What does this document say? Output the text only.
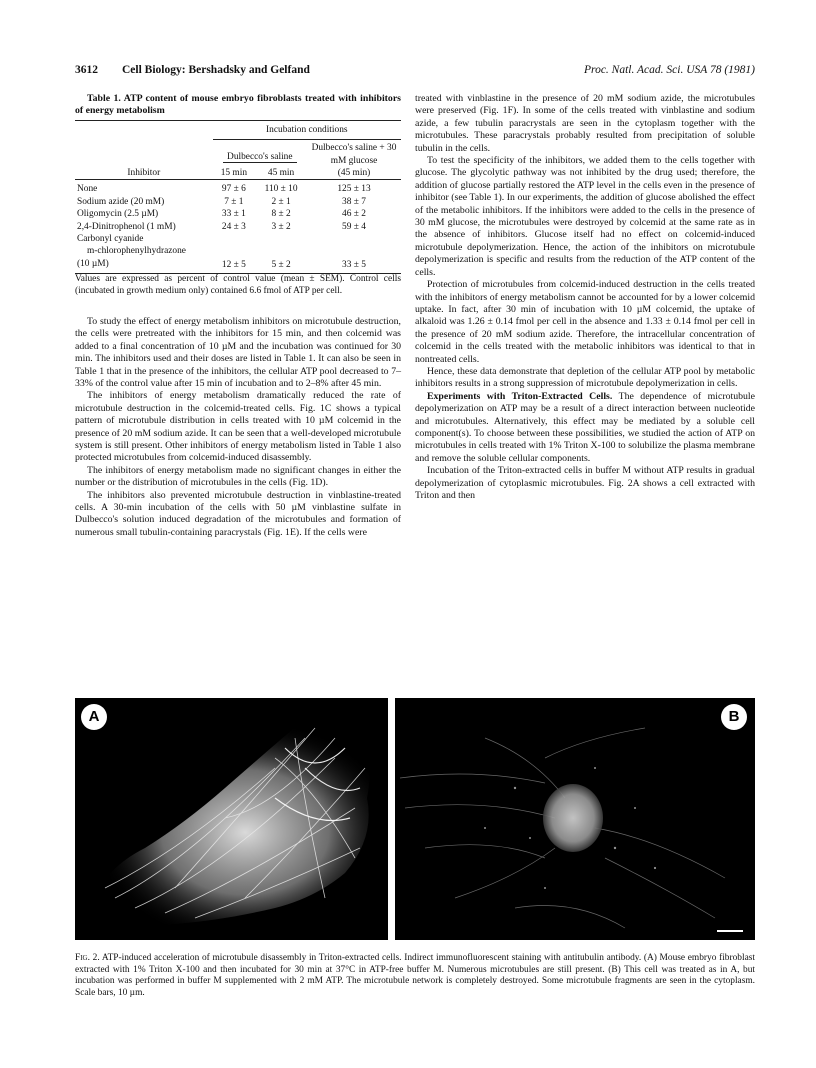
3612 Cell Biology: Bershadsky and Gelfand	Proc. Natl. Acad. Sci. USA 78 (1981)

Table 1. ATP content of mouse embryo fibroblasts treated with inhibitors of energy metabolism

	Incubation conditions		
	Dulbecco's saline		Dulbecco's saline + 30 mM glucose
Inhibitor	15 min	45 min	(45 min)

None	97 ± 6	110 ± 10	125 ± 13
Sodium azide (20 mM)	7 ± 1	2 ± 1	38 ± 7
Oligomycin (2.5 µM)	33 ± 1	8 ± 2	46 ± 2
2,4-Dinitrophenol (1 mM)	24 ± 3	3 ± 2	59 ± 4
Carbonyl cyanide			
m-chlorophenylhydrazone			
(10 µM)	12 ± 5	5 ± 2	33 ± 5

Values are expressed as percent of control value (mean ± SEM). Control cells (incubated in growth medium only) contained 6.6 fmol of ATP per cell.

To study the effect of energy metabolism inhibitors on microtubule destruction, the cells were pretreated with the inhibitors for 15 min, and then colcemid was added to a final concentration of 10 µM and the incubation was continued for 30 min. The inhibitors used and their doses are listed in Table 1. It can also be seen in Table 1 that in the presence of the inhibitors, the cellular ATP pool decreased to 7–33% of the control value after 15 min of incubation and to 2–8% after 45 min.

The inhibitors of energy metabolism dramatically reduced the rate of microtubule destruction in the colcemid-treated cells. Fig. 1C shows a typical pattern of microtubule distribution in cells treated with 10 µM colcemid in the presence of 20 mM sodium azide. It can be seen that a well-developed microtubule system is still present. Other inhibitors of energy metabolism listed in Table 1 also protected microtubules from colcemid-induced disassembly.

The inhibitors of energy metabolism made no significant changes in either the number or the distribution of microtubules in the cells (Fig. 1D).

The inhibitors also prevented microtubule destruction in vinblastine-treated cells. A 30-min incubation of the cells with 50 µM vinblastine sulfate in Dulbecco's solution induced degradation of the microtubules and formation of numerous small tubulin-containing paracrystals (Fig. 1E). If the cells were

treated with vinblastine in the presence of 20 mM sodium azide, the microtubules were preserved (Fig. 1F). In some of the cells treated with vinblastine and sodium azide, a few tubulin paracrystals are seen in the cytoplasm together with the microtubules. These paracrystals probably resulted from precipitation of soluble tubulin in the cells.

To test the specificity of the inhibitors, we added them to the cells together with glucose. The glycolytic pathway was not inhibited by the drug used; therefore, the addition of glucose partially restored the ATP level in the cells even in the presence of inhibitor (see Table 1). In our experiments, the addition of glucose abolished the effect of the metabolic inhibitors. If the inhibitors were added to the cells in the presence of 30 mM glucose, the microtubules were destroyed by colcemid at the same rate as in the absence of inhibitors. Glucose itself had no effect on colcemid-induced microtubule depolymerization. Hence, the action of the inhibitors on microtubule depolymerization is specific and results from the reduction of the ATP content of the cells.

Protection of microtubules from colcemid-induced destruction in the cells treated with the inhibitors of energy metabolism cannot be accounted for by a lower colcemid uptake. In fact, after 30 min of incubation with 10 µM colcemid, the uptake of alkaloid was 1.26 ± 0.14 fmol per cell in the absence and 1.33 ± 0.14 fmol per cell in the presence of 20 mM sodium azide. Therefore, the intracellular concentration of colcemid in the cells treated with the metabolic inhibitors was identical to that in nontreated cells.

Hence, these data demonstrate that depletion of the cellular ATP pool by metabolic inhibitors results in a strong suppression of microtubule depolymerization in cells.

Experiments with Triton-Extracted Cells. The dependence of microtubule depolymerization on ATP may be a result of a direct interaction between nucleotide and microtubules. Alternatively, this effect may be mediated by a soluble cell component(s). To choose between these possibilities, we studied the action of ATP on microtubules in cells treated with 1% Triton X-100 to solubilize the plasma membrane and remove the soluble cellular components.

Incubation of the Triton-extracted cells in buffer M without ATP results in gradual depolymerization of cytoplasmic microtubules. Fig. 2A shows a cell extracted with Triton and then

A	B
Fig. 2. ATP-induced acceleration of microtubule disassembly in Triton-extracted cells. Indirect immunofluorescent staining with antitubulin antibody. (A) Mouse embryo fibroblast extracted with 1% Triton X-100 and then incubated for 30 min at 37°C in ATP-free buffer M. Numerous microtubules are still present. (B) This cell was treated as in A, but incubation was performed in buffer M supplemented with 2 mM ATP. The microtubule network is completely destroyed. Some microtubule fragments are seen in the cytoplasm. Scale bars, 10 µm.
